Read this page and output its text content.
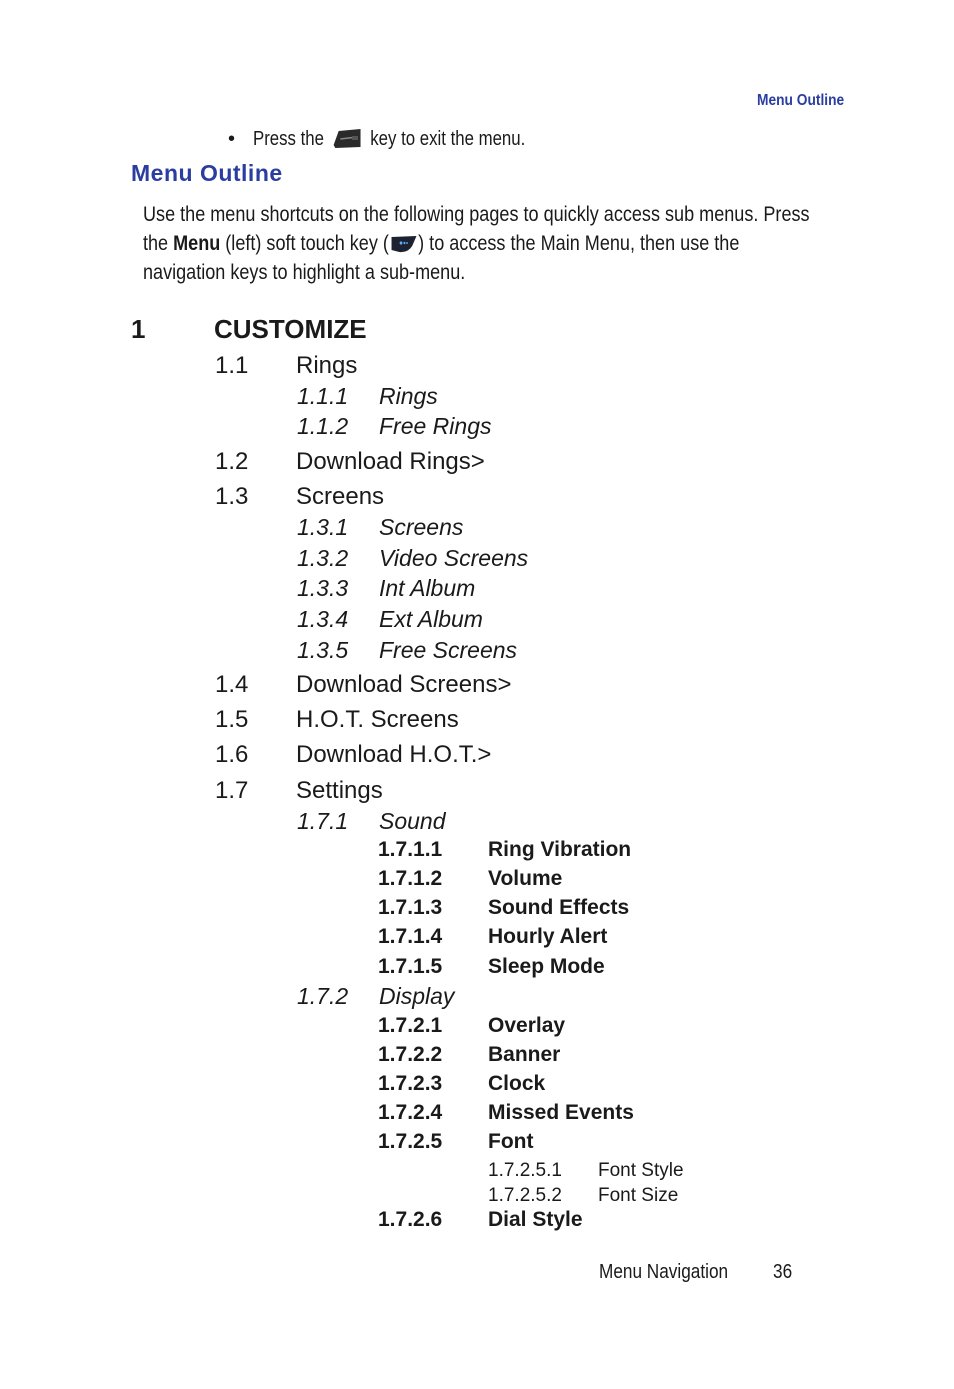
Menu Outline
• Press the key to exit the menu.
Menu Outline
Use the menu shortcuts on the following pages to quickly access sub menus. Press
the Menu (left) soft touch key ( ) to access the Main Menu, then use the
navigation keys to highlight a sub-menu.
1	CUSTOMIZE
1.1 Rings
1.1.1 Rings
1.1.2 Free Rings
1.2 Download Rings>
1.3 Screens
1.3.1 Screens
1.3.2 Video Screens
1.3.3 Int Album
1.3.4 Ext Album
1.3.5 Free Screens
1.4 Download Screens>
1.5 H.O.T. Screens
1.6 Download H.O.T.>
1.7 Settings
1.7.1 Sound
1.7.1.1 Ring Vibration
1.7.1.2 Volume
1.7.1.3 Sound Effects
1.7.1.4 Hourly Alert
1.7.1.5 Sleep Mode
1.7.2 Display
1.7.2.1 Overlay
1.7.2.2 Banner
1.7.2.3 Clock
1.7.2.4 Missed Events
1.7.2.5 Font
1.7.2.5.1 Font Style
1.7.2.5.2 Font Size
1.7.2.6 Dial Style
Menu Navigation 36
